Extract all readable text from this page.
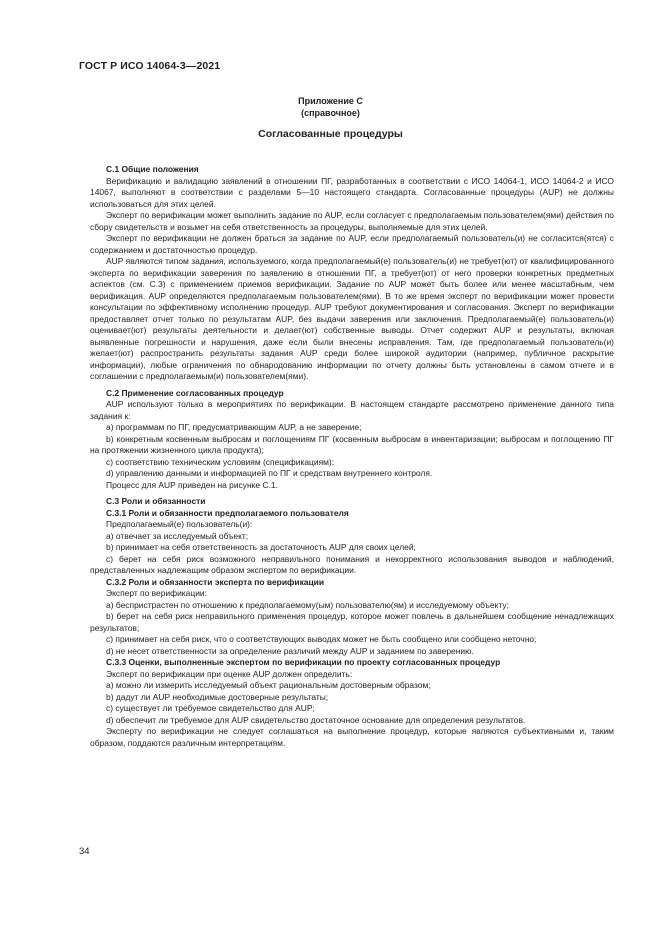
ГОСТ Р ИСО 14064-3—2021
Приложение С
(справочное)
Согласованные процедуры

С.1 Общие положения

Верификацию и валидацию заявлений в отношении ПГ, разработанных в соответствии с ИСО 14064-1, ИСО 14064-2 и ИСО 14067, выполняют в соответствии с разделами 5—10 настоящего стандарта. Согласованные процедуры (AUP) не должны использоваться для этих целей.

Эксперт по верификации может выполнить задание по AUP, если согласует с предполагаемым пользователем(ями) действия по сбору свидетельств и возьмет на себя ответственность за процедуры, выполняемые для этих целей.

Эксперт по верификации не должен браться за задание по AUP, если предполагаемый пользователь(и) не согласится(ятся) с содержанием и достаточностью процедур.

AUP являются типом задания, используемого, когда предполагаемый(е) пользователь(и) не требует(ют) от квалифицированного эксперта по верификации заверения по заявлению в отношении ПГ, а требует(ют) от него проверки конкретных предметных аспектов (см. С.3) с применением приемов верификации. Задание по AUP может быть более или менее масштабным, чем верификация. AUP определяются предполагаемым пользователем(ями). В то же время эксперт по верификации может провести консультации по эффективному исполнению процедур. AUP требуют документирования и согласования. Эксперт по верификации предоставляет отчет только по результатам AUP, без выдачи заверения или заключения. Предполагаемый(е) пользователь(и) оценивает(ют) результаты деятельности и делает(ют) собственные выводы. Отчет содержит AUP и результаты, включая выявленные погрешности и нарушения, даже если были внесены исправления. Там, где предполагаемый пользователь(и) желает(ют) распространить результаты задания AUP среди более широкой аудитории (например, публичное раскрытие информации), любые ограничения по обнародованию информации по отчету должны быть установлены в самом отчете и в соглашении с предполагаемым(и) пользователем(ями).

С.2 Применение согласованных процедур

AUP используют только в мероприятиях по верификации. В настоящем стандарте рассмотрено применение данного типа задания к:

a) программам по ПГ, предусматривающим AUP, а не заверение;

b) конкретным косвенным выбросам и поглощениям ПГ (косвенным выбросам в инвентаризации; выбросам и поглощению ПГ на протяжении жизненного цикла продукта);

c) соответствию техническим условиям (спецификациям);

d) управлению данными и информацией по ПГ и средствам внутреннего контроля.

Процесс для AUP приведен на рисунке С.1.

С.3 Роли и обязанности

С.3.1 Роли и обязанности предполагаемого пользователя

Предполагаемый(е) пользователь(и):

a) отвечает за исследуемый объект;

b) принимает на себя ответственность за достаточность AUP для своих целей;

c) берет на себя риск возможного неправильного понимания и некорректного использования выводов и наблюдений, представленных надлежащим образом экспертом по верификации.

С.3.2 Роли и обязанности эксперта по верификации

Эксперт по верификации:

a) беспристрастен по отношению к предполагаемому(ым) пользователю(ям) и исследуемому объекту;

b) берет на себя риск неправильного применения процедур, которое может повлечь в дальнейшем сообщение ненадлежащих результатов;

c) принимает на себя риск, что о соответствующих выводах может не быть сообщено или сообщено неточно;

d) не несет ответственности за определение различий между AUP и заданием по заверению.

С.3.3 Оценки, выполненные экспертом по верификации по проекту согласованных процедур

Эксперт по верификации при оценке AUP должен определить:

a) можно ли измерить исследуемый объект рациональным достоверным образом;

b) дадут ли AUP необходимые достоверные результаты;

c) существует ли требуемое свидетельство для AUP;

d) обеспечит ли требуемое для AUP свидетельство достаточное основание для определения результатов.

Эксперту по верификации не следует соглашаться на выполнение процедур, которые являются субъективными и, таким образом, поддаются различным интерпретациям.

34
